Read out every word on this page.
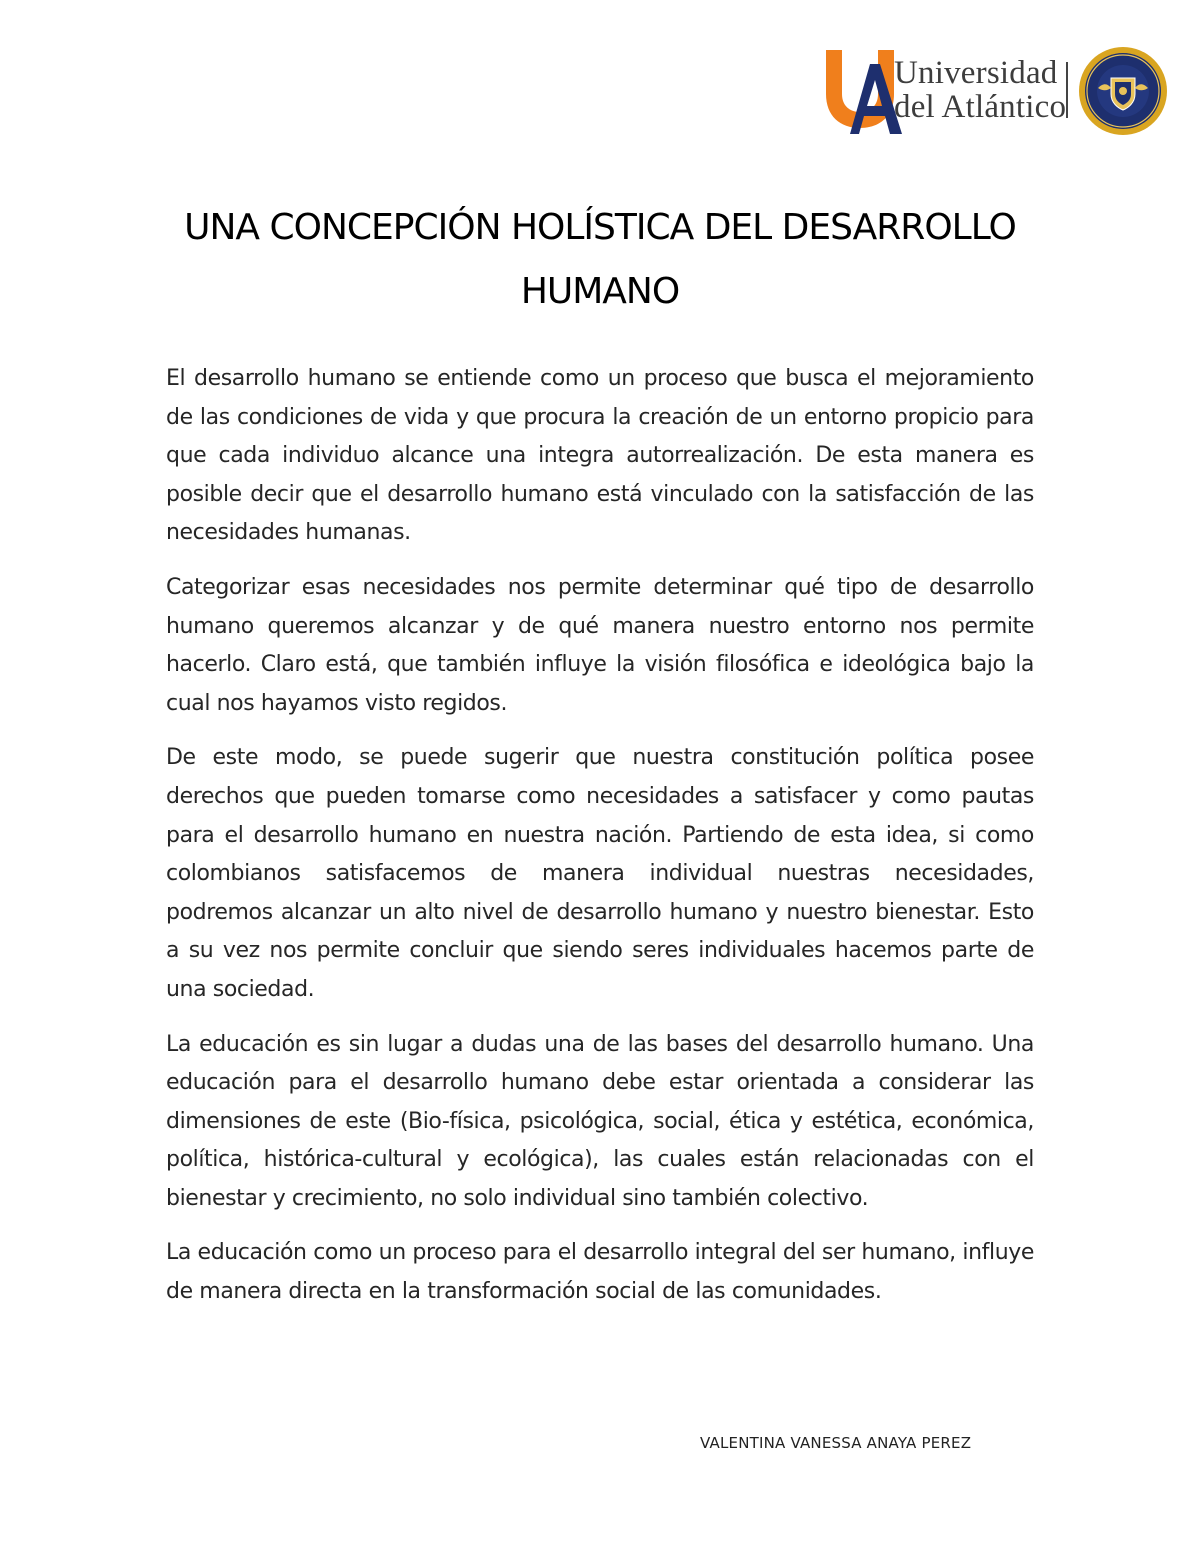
Universidad
del Atlántico
UNA CONCEPCIÓN HOLÍSTICA DEL DESARROLLO HUMANO

El desarrollo humano se entiende como un proceso que busca el mejoramiento de las condiciones de vida y que procura la creación de un entorno propicio para que cada individuo alcance una integra autorrealización. De esta manera es posible decir que el desarrollo humano está vinculado con la satisfacción de las necesidades humanas.

Categorizar esas necesidades nos permite determinar qué tipo de desarrollo humano queremos alcanzar y de qué manera nuestro entorno nos permite hacerlo. Claro está, que también influye la visión filosófica e ideológica bajo la cual nos hayamos visto regidos.

De este modo, se puede sugerir que nuestra constitución política posee derechos que pueden tomarse como necesidades a satisfacer y como pautas para el desarrollo humano en nuestra nación. Partiendo de esta idea, si como colombianos satisfacemos de manera individual nuestras necesidades, podremos alcanzar un alto nivel de desarrollo humano y nuestro bienestar. Esto a su vez nos permite concluir que siendo seres individuales hacemos parte de una sociedad.

La educación es sin lugar a dudas una de las bases del desarrollo humano. Una educación para el desarrollo humano debe estar orientada a considerar las dimensiones de este (Bio-física, psicológica, social, ética y estética, económica, política, histórica-cultural y ecológica), las cuales están relacionadas con el bienestar y crecimiento, no solo individual sino también colectivo.

La educación como un proceso para el desarrollo integral del ser humano, influye de manera directa en la transformación social de las comunidades.

VALENTINA VANESSA ANAYA PEREZ
